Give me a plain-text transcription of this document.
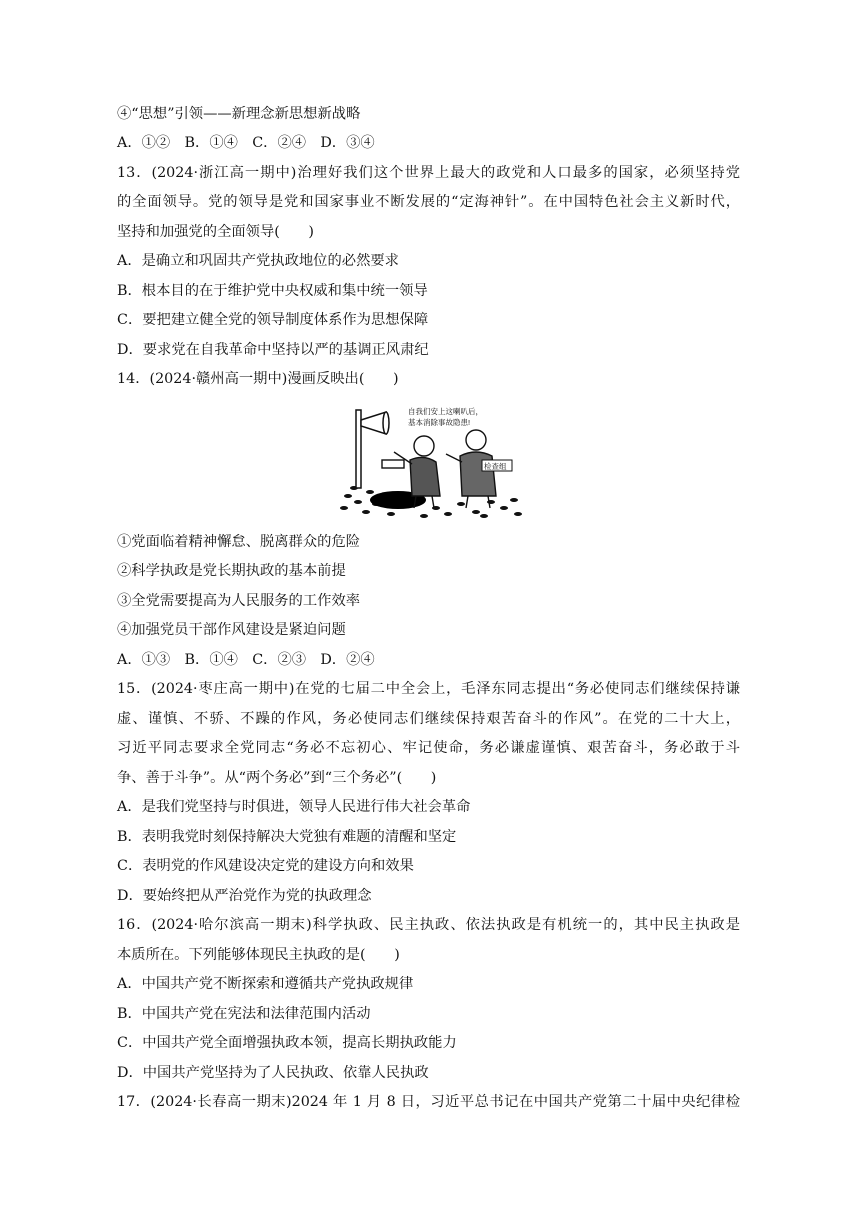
④“思想”引领——新理念新思想新战略
A．①②　B．①④　C．②④　D．③④
13．(2024·浙江高一期中)治理好我们这个世界上最大的政党和人口最多的国家，必须坚持党
的全面领导。党的领导是党和国家事业不断发展的“定海神针”。在中国特色社会主义新时代，
坚持和加强党的全面领导(　　)
A．是确立和巩固共产党执政地位的必然要求
B．根本目的在于维护党中央权威和集中统一领导
C．要把建立健全党的领导制度体系作为思想保障
D．要求党在自我革命中坚持以严的基调正风肃纪
14．(2024·赣州高一期中)漫画反映出(　　)
自我们安上这喇叭后，
基本消除事故隐患!
检查组
①党面临着精神懈怠、脱离群众的危险
②科学执政是党长期执政的基本前提
③全党需要提高为人民服务的工作效率
④加强党员干部作风建设是紧迫问题
A．①③　B．①④　C．②③　D．②④
15．(2024·枣庄高一期中)在党的七届二中全会上，毛泽东同志提出“务必使同志们继续保持谦
虚、谨慎、不骄、不躁的作风，务必使同志们继续保持艰苦奋斗的作风”。在党的二十大上，
习近平同志要求全党同志“务必不忘初心、牢记使命，务必谦虚谨慎、艰苦奋斗，务必敢于斗
争、善于斗争”。从“两个务必”到“三个务必”(　　)
A．是我们党坚持与时俱进，领导人民进行伟大社会革命
B．表明我党时刻保持解决大党独有难题的清醒和坚定
C．表明党的作风建设决定党的建设方向和效果
D．要始终把从严治党作为党的执政理念
16．(2024·哈尔滨高一期末)科学执政、民主执政、依法执政是有机统一的，其中民主执政是
本质所在。下列能够体现民主执政的是(　　)
A．中国共产党不断探索和遵循共产党执政规律
B．中国共产党在宪法和法律范围内活动
C．中国共产党全面增强执政本领，提高长期执政能力
D．中国共产党坚持为了人民执政、依靠人民执政
17．(2024·长春高一期末)2024 年 1 月 8 日，习近平总书记在中国共产党第二十届中央纪律检
